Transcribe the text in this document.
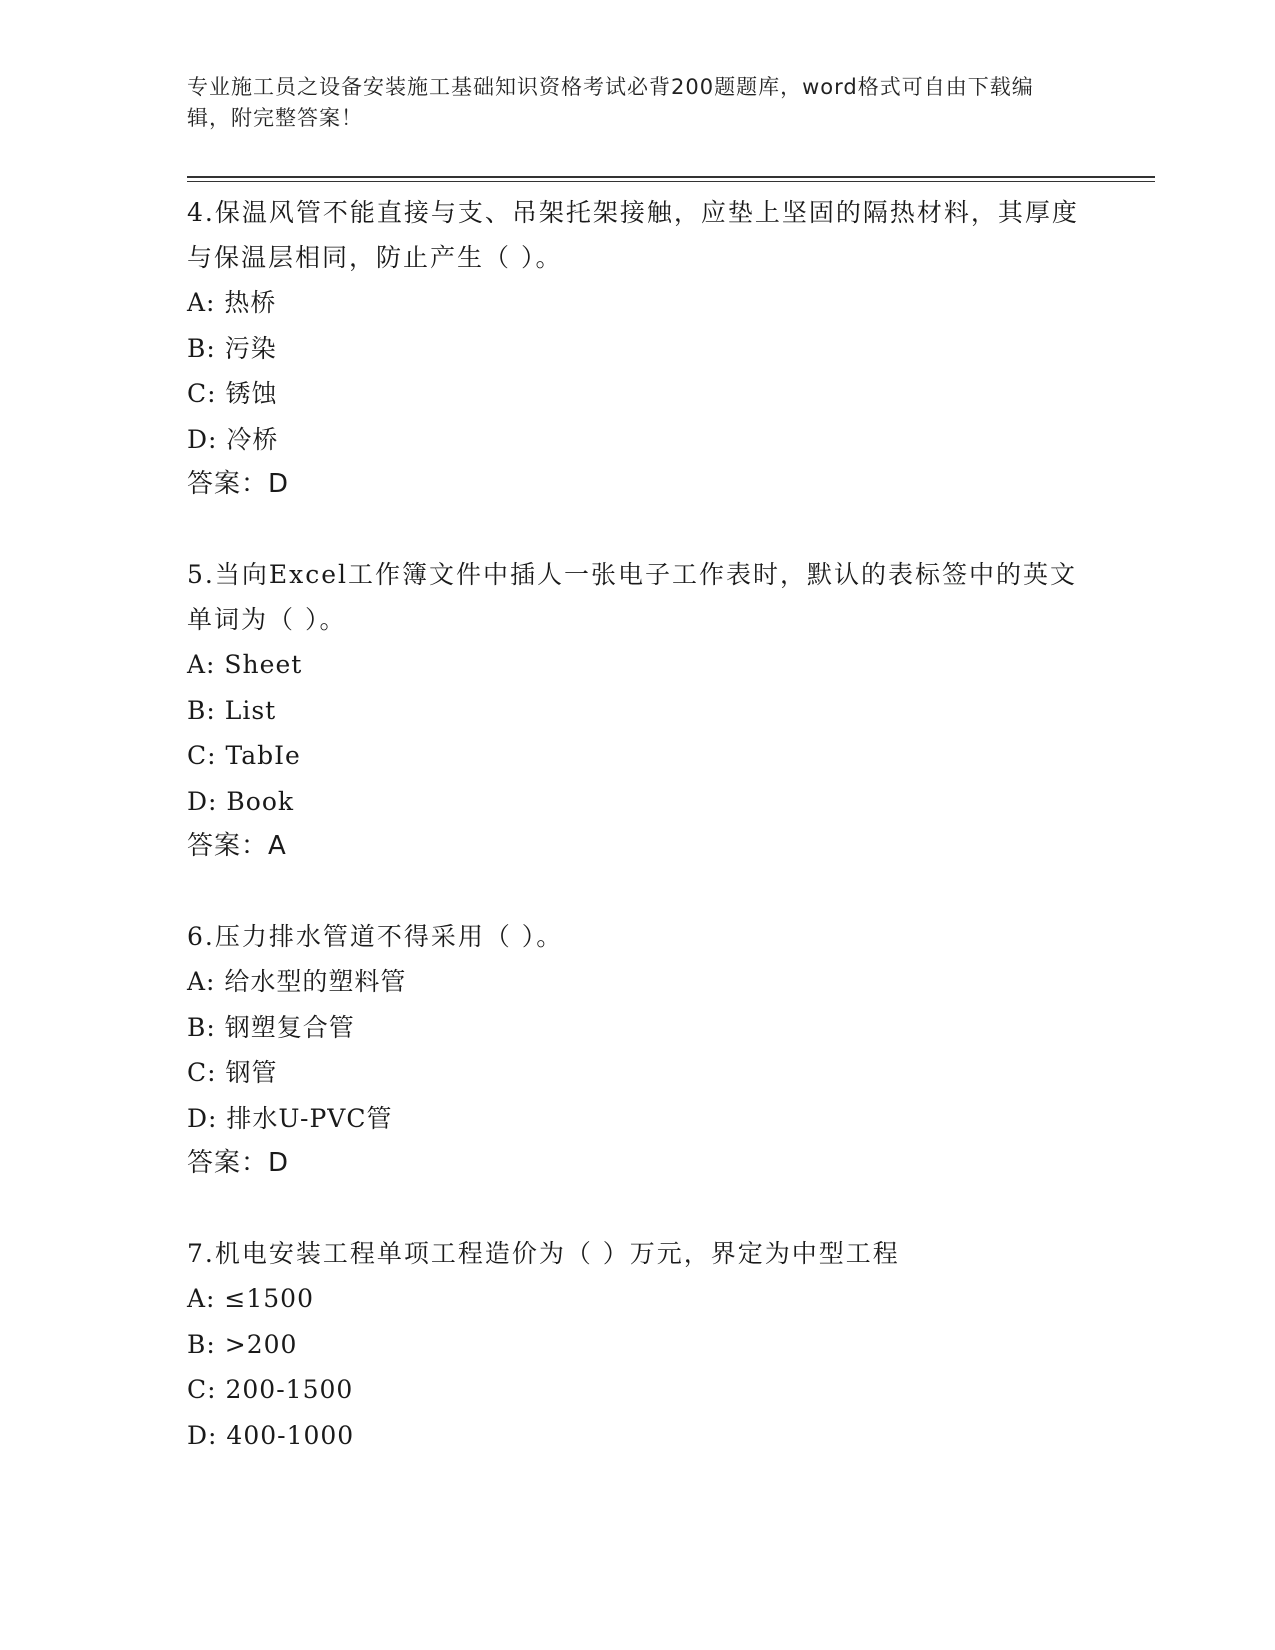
专业施工员之设备安装施工基础知识资格考试必背200题题库，word格式可自由下载编辑，附完整答案！
4.保温风管不能直接与支、吊架托架接触，应垫上坚固的隔热材料，其厚度与保温层相同，防止产生（ ）。
A: 热桥
B: 污染
C: 锈蚀
D: 冷桥
答案：D
5.当向Excel工作簿文件中插人一张电子工作表时，默认的表标签中的英文单词为（ ）。
A: Sheet
B: List
C: TabIe
D: Book
答案：A
6.压力排水管道不得采用（ ）。
A: 给水型的塑料管
B: 钢塑复合管
C: 钢管
D: 排水U-PVC管
答案：D
7.机电安装工程单项工程造价为（ ）万元，界定为中型工程
A: ≤1500
B: >200
C: 200-1500
D: 400-1000
